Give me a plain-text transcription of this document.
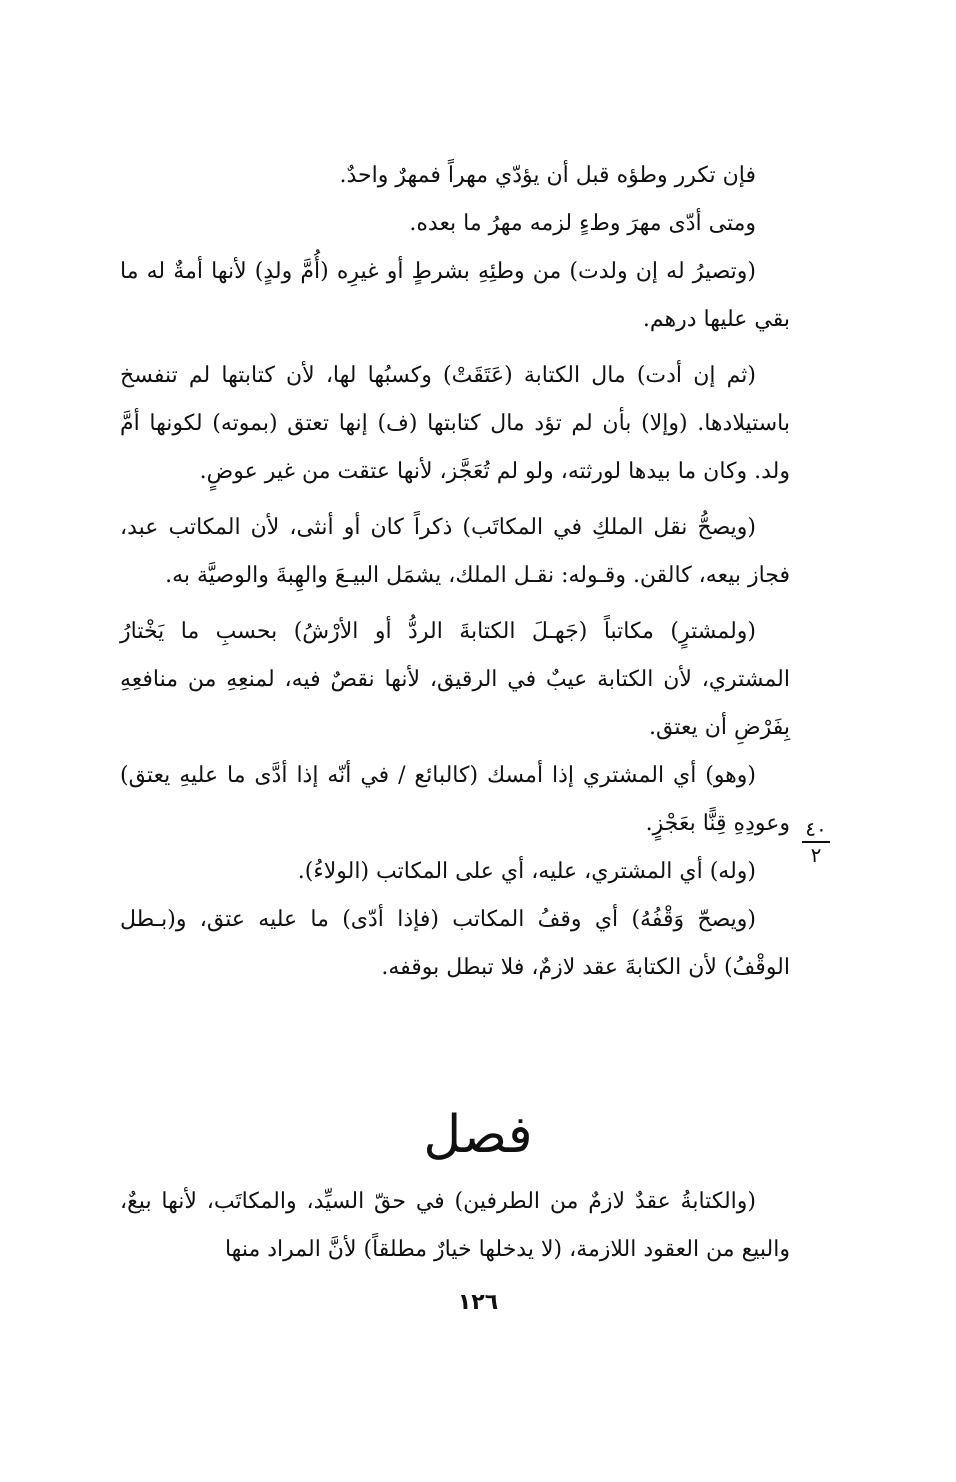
فإن تكرر وطؤه قبل أن يؤدّي مهراً فمهرٌ واحدٌ.

ومتى أدّى مهرَ وطءٍ لزمه مهرُ ما بعده.

(وتصيرُ له إن ولدت) من وطئِهِ بشرطٍ أو غيرِه (أُمَّ ولدٍ) لأنها أمةٌ له ما بقي عليها درهم.

(ثم إن أدت) مال الكتابة (عَتَقَتْ) وكسبُها لها، لأن كتابتها لم تنفسخ باستيلادها. (وإلا) بأن لم تؤد مال كتابتها (ف) إنها تعتق (بموته) لكونها أمَّ ولد. وكان ما بيدها لورثته، ولو لم تُعَجَّز، لأنها عتقت من غير عوضٍ.

(ويصحُّ نقل الملكِ في المكاتَب) ذكراً كان أو أنثى، لأن المكاتب عبد، فجاز بيعه، كالقن. وقـوله: نقـل الملك، يشمَل البيـعَ والهِبةَ والوصيَّة به.

(ولمشترٍ) مكاتباً (جَهـلَ الكتابةَ الردُّ أو الأرْشُ) بحسبِ ما يَخْتارُ المشتري، لأن الكتابة عيبٌ في الرقيق، لأنها نقصٌ فيه، لمنعِهِ من منافعِهِ بِفَرْضِ أن يعتق.

(وهو) أي المشتري إذا أمسك (كالبائع / في أنّه إذا أدَّى ما عليهِ يعتق) وعودِهِ قِنًّا بعَجْزٍ.

(وله) أي المشتري، عليه، أي على المكاتب (الولاءُ).

(ويصحّ وَقْفُهُ) أي وقفُ المكاتب (فإذا أدّى) ما عليه عتق، و(بـطل الوقْفُ) لأن الكتابةَ عقد لازمٌ، فلا تبطل بوقفه.

٤٠
٢
فصل

(والكتابةُ عقدٌ لازمٌ من الطرفين) في حقّ السيِّد، والمكاتَب، لأنها بيعٌ، والبيع من العقود اللازمة، (لا يدخلها خيارٌ مطلقاً) لأنَّ المراد منها

١٢٦
